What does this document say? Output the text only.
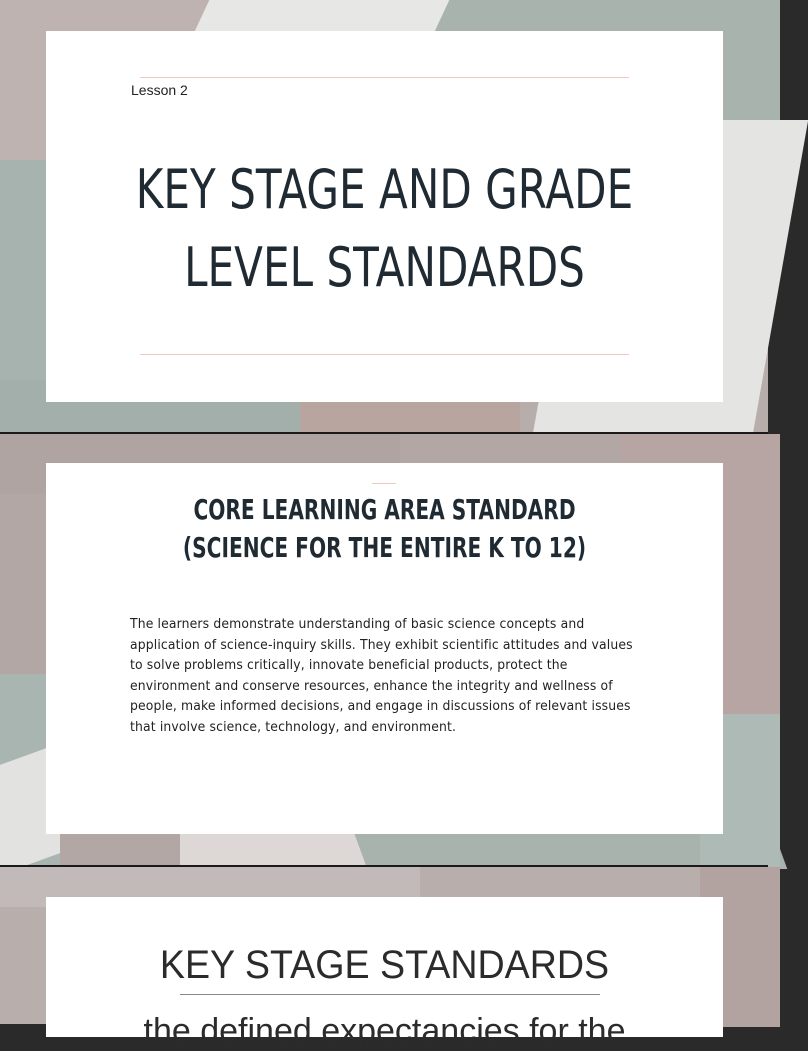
Lesson 2
KEY STAGE AND GRADE
LEVEL STANDARDS
CORE LEARNING AREA STANDARD
(SCIENCE FOR THE ENTIRE K TO 12)

The learners demonstrate understanding of basic science concepts and application of science-inquiry skills. They exhibit scientific attitudes and values to solve problems critically, innovate beneficial products, protect the environment and conserve resources, enhance the integrity and wellness of people, make informed decisions, and engage in discussions of relevant issues that involve science, technology, and environment.

KEY STAGE STANDARDS
the defined expectancies for the
